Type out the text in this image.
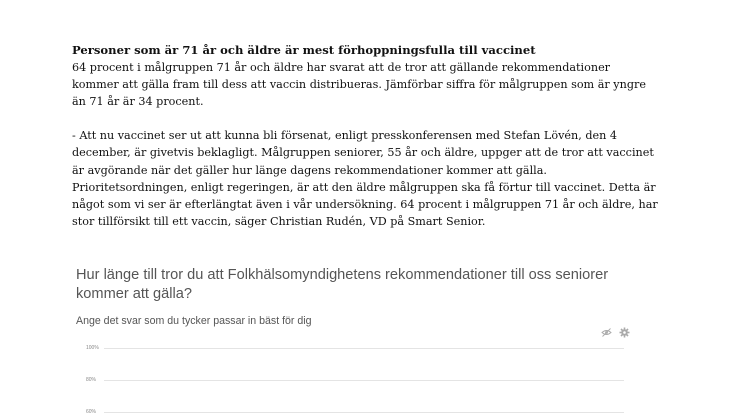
Personer som är 71 år och äldre är mest förhoppningsfulla till vaccinet

64 procent i målgruppen 71 år och äldre har svarat att de tror att gällande rekommendationer
kommer att gälla fram till dess att vaccin distribueras. Jämförbar siffra för målgruppen som är yngre
än 71 år är 34 procent.

- Att nu vaccinet ser ut att kunna bli försenat, enligt presskonferensen med Stefan Lövén, den 4
december, är givetvis beklagligt. Målgruppen seniorer, 55 år och äldre, uppger att de tror att vaccinet
är avgörande när det gäller hur länge dagens rekommendationer kommer att gälla.
Prioritetsordningen, enligt regeringen, är att den äldre målgruppen ska få förtur till vaccinet. Detta är
något som vi ser är efterlängtat även i vår undersökning. 64 procent i målgruppen 71 år och äldre, har
stor tillförsikt till ett vaccin, säger Christian Rudén, VD på Smart Senior.

Hur länge till tror du att Folkhälsomyndighetens rekommendationer till oss seniorer
kommer att gälla?

Ange det svar som du tycker passar in bäst för dig
100%
80%
60%
